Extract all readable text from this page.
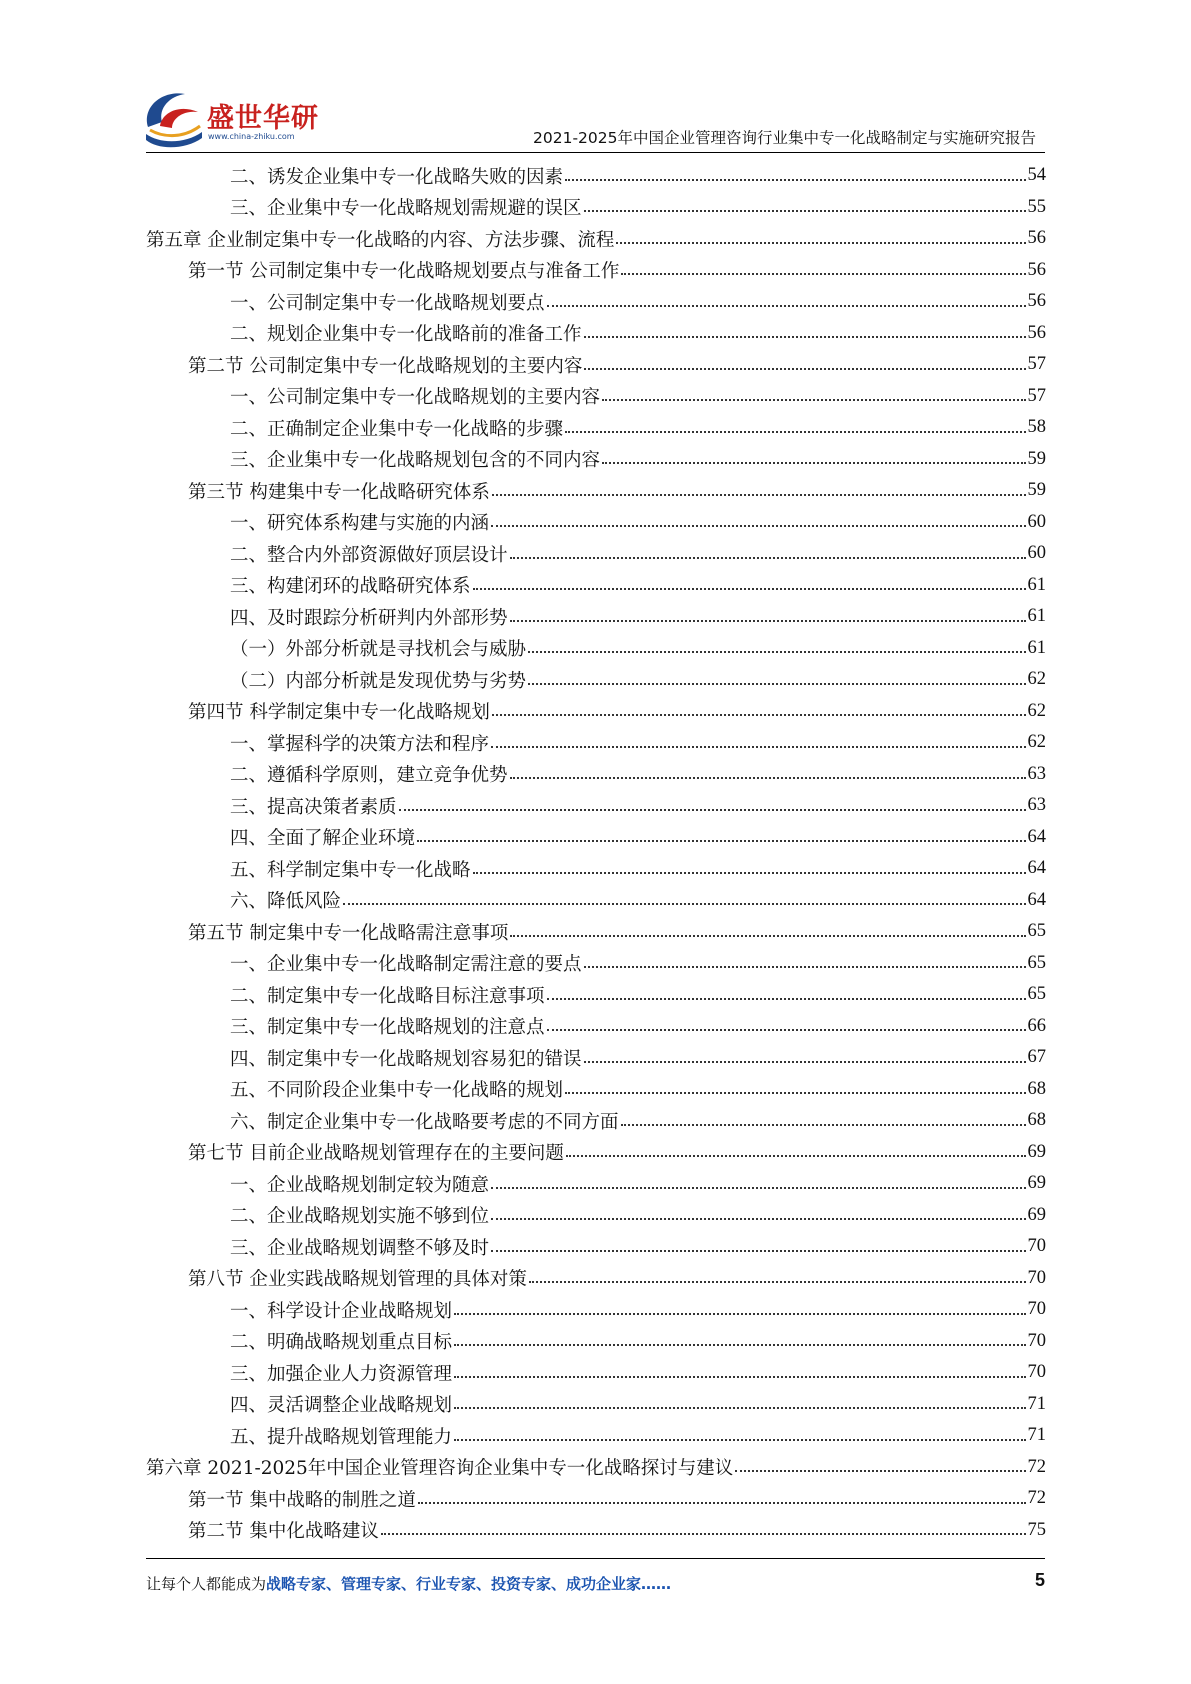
盛世华研
www.china-zhiku.com	2021-2025年中国企业管理咨询行业集中专一化战略制定与实施研究报告
二、诱发企业集中专一化战略失败的因素	54
三、企业集中专一化战略规划需规避的误区	55
第五章 企业制定集中专一化战略的内容、方法步骤、流程	56
第一节 公司制定集中专一化战略规划要点与准备工作	56
一、公司制定集中专一化战略规划要点	56
二、规划企业集中专一化战略前的准备工作	56
第二节 公司制定集中专一化战略规划的主要内容	57
一、公司制定集中专一化战略规划的主要内容	57
二、正确制定企业集中专一化战略的步骤	58
三、企业集中专一化战略规划包含的不同内容	59
第三节 构建集中专一化战略研究体系	59
一、研究体系构建与实施的内涵	60
二、整合内外部资源做好顶层设计	60
三、构建闭环的战略研究体系	61
四、及时跟踪分析研判内外部形势	61
（一）外部分析就是寻找机会与威胁	61
（二）内部分析就是发现优势与劣势	62
第四节 科学制定集中专一化战略规划	62
一、掌握科学的决策方法和程序	62
二、遵循科学原则，建立竞争优势	63
三、提高决策者素质	63
四、全面了解企业环境	64
五、科学制定集中专一化战略	64
六、降低风险	64
第五节 制定集中专一化战略需注意事项	65
一、企业集中专一化战略制定需注意的要点	65
二、制定集中专一化战略目标注意事项	65
三、制定集中专一化战略规划的注意点	66
四、制定集中专一化战略规划容易犯的错误	67
五、不同阶段企业集中专一化战略的规划	68
六、制定企业集中专一化战略要考虑的不同方面	68
第七节 目前企业战略规划管理存在的主要问题	69
一、企业战略规划制定较为随意	69
二、企业战略规划实施不够到位	69
三、企业战略规划调整不够及时	70
第八节 企业实践战略规划管理的具体对策	70
一、科学设计企业战略规划	70
二、明确战略规划重点目标	70
三、加强企业人力资源管理	70
四、灵活调整企业战略规划	71
五、提升战略规划管理能力	71
第六章 2021-2025年中国企业管理咨询企业集中专一化战略探讨与建议	72
第一节 集中战略的制胜之道	72
第二节 集中化战略建议	75
让每个人都能成为战略专家、管理专家、行业专家、投资专家、成功企业家……	5
